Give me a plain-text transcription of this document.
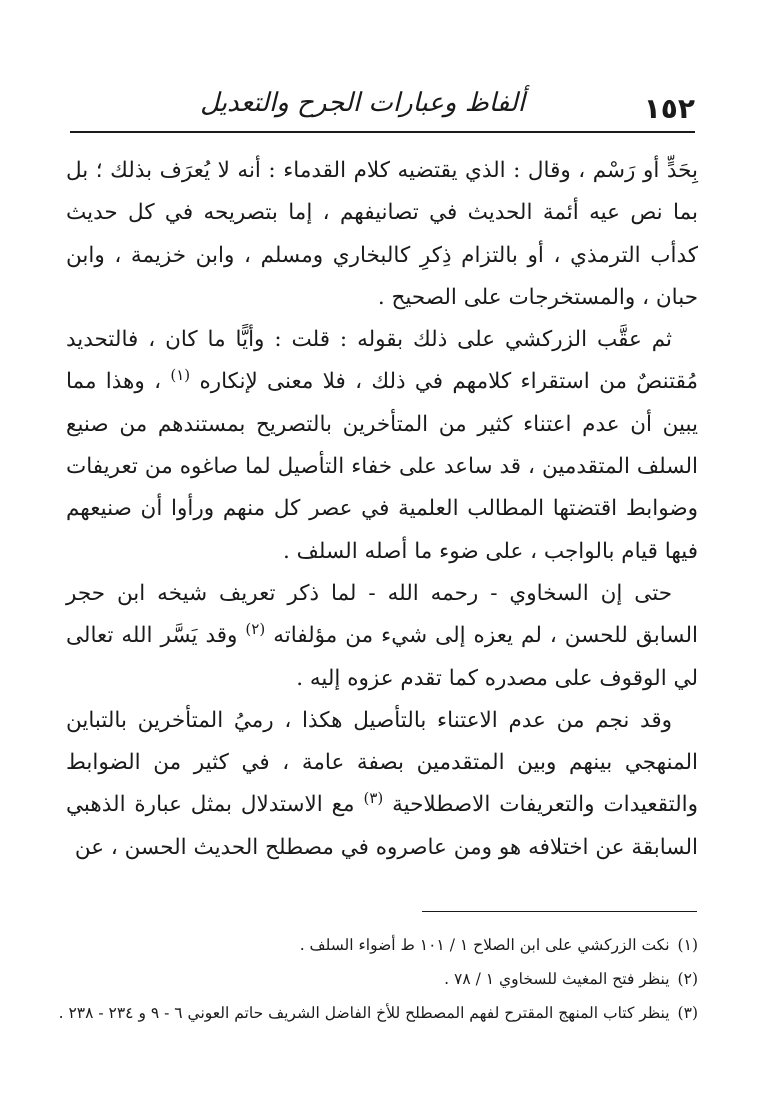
١٥٢
ألفاظ وعبارات الجرح والتعديل

بِحَدٍّ أو رَسْم ، وقال : الذي يقتضيه كلام القدماء : أنه لا يُعرَف بذلك ؛ بل بما نص عيه أئمة الحديث في تصانيفهم ، إما بتصريحه في كل حديث كدأب الترمذي ، أو بالتزام ذِكرِ كالبخاري ومسلم ، وابن خزيمة ، وابن حبان ، والمستخرجات على الصحيح .

ثم عقَّب الزركشي على ذلك بقوله : قلت : وأيًّا ما كان ، فالتحديد مُقتنصٌ من استقراء كلامهم في ذلك ، فلا معنى لإنكاره $^{(١)}$ ، وهذا مما يبين أن عدم اعتناء كثير من المتأخرين بالتصريح بمستندهم من صنيع السلف المتقدمين ، قد ساعد على خفاء التأصيل لما صاغوه من تعريفات وضوابط اقتضتها المطالب العلمية في عصر كل منهم ورأوا أن صنيعهم فيها قيام بالواجب ، على ضوء ما أصله السلف .

حتى إن السخاوي - رحمه الله - لما ذكر تعريف شيخه ابن حجر السابق للحسن ، لم يعزه إلى شيء من مؤلفاته $^{(٢)}$ وقد يَسَّر الله تعالى لي الوقوف على مصدره كما تقدم عزوه إليه .

وقد نجم من عدم الاعتناء بالتأصيل هكذا ، رميُ المتأخرين بالتباين المنهجي بينهم وبين المتقدمين بصفة عامة ، في كثير من الضوابط والتقعيدات والتعريفات الاصطلاحية $^{(٣)}$ مع الاستدلال بمثل عبارة الذهبي السابقة عن اختلافه هو ومن عاصروه في مصطلح الحديث الحسن ، عن

(١)
نكت الزركشي على ابن الصلاح ١ / ١٠١ ط أضواء السلف .
(٢)
ينظر فتح المغيث للسخاوي ١ / ٧٨ .
(٣)
ينظر كتاب المنهج المقترح لفهم المصطلح للأخ الفاضل الشريف حاتم العوني ٦ - ٩ و ٢٣٤ - ٢٣٨ .
